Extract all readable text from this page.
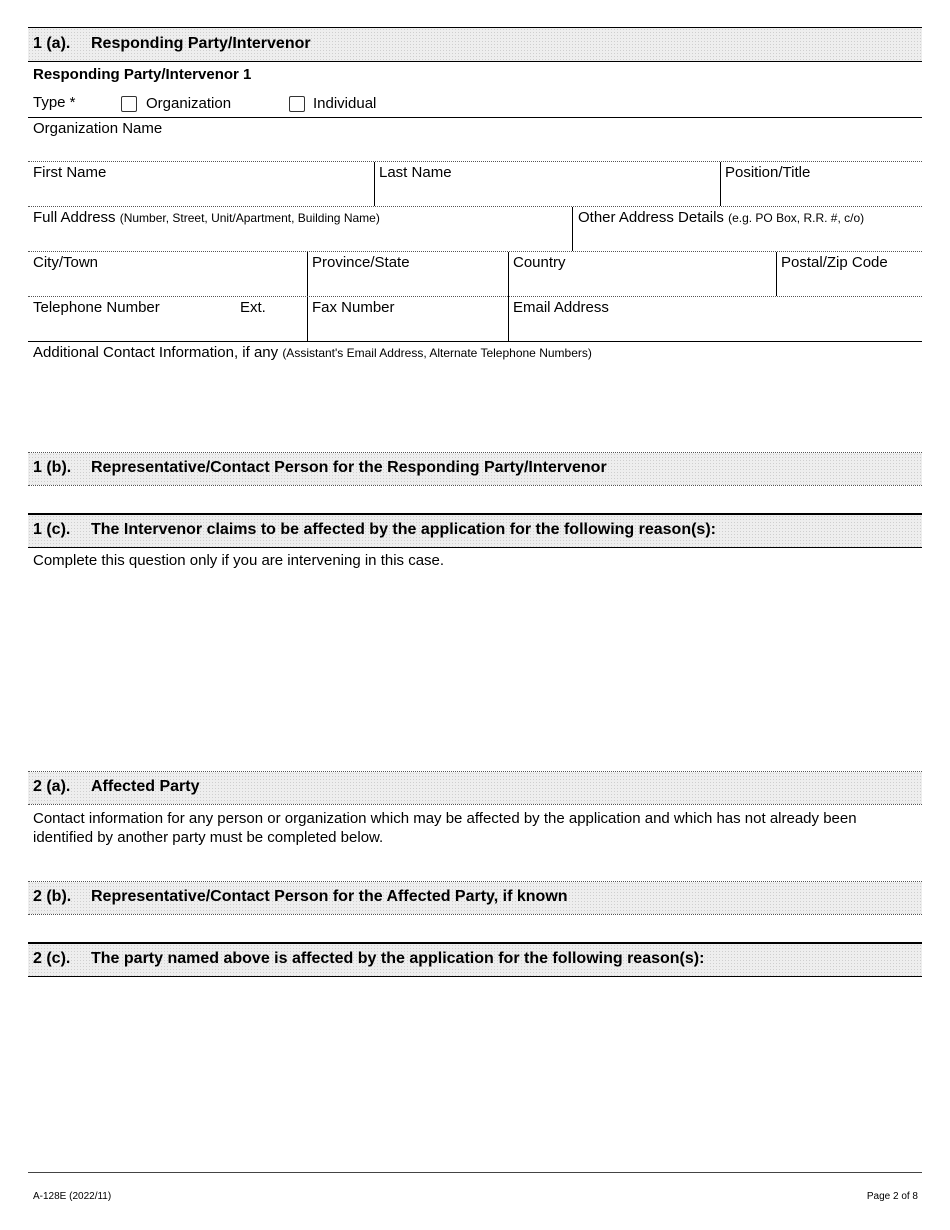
1 (a). Responding Party/Intervenor
Responding Party/Intervenor 1
Type *	Organization	Individual
Organization Name
First Name	Last Name	Position/Title
Full Address (Number, Street, Unit/Apartment, Building Name)	Other Address Details (e.g. PO Box, R.R. #, c/o)
City/Town	Province/State	Country	Postal/Zip Code
Telephone Number	Ext.	Fax Number	Email Address
Additional Contact Information, if any (Assistant's Email Address, Alternate Telephone Numbers)
1 (b). Representative/Contact Person for the Responding Party/Intervenor
1 (c). The Intervenor claims to be affected by the application for the following reason(s):
Complete this question only if you are intervening in this case.
2 (a). Affected Party
Contact information for any person or organization which may be affected by the application and which has not already been
identified by another party must be completed below.
2 (b). Representative/Contact Person for the Affected Party, if known
2 (c). The party named above is affected by the application for the following reason(s):
A-128E (2022/11)	Page 2 of 8
